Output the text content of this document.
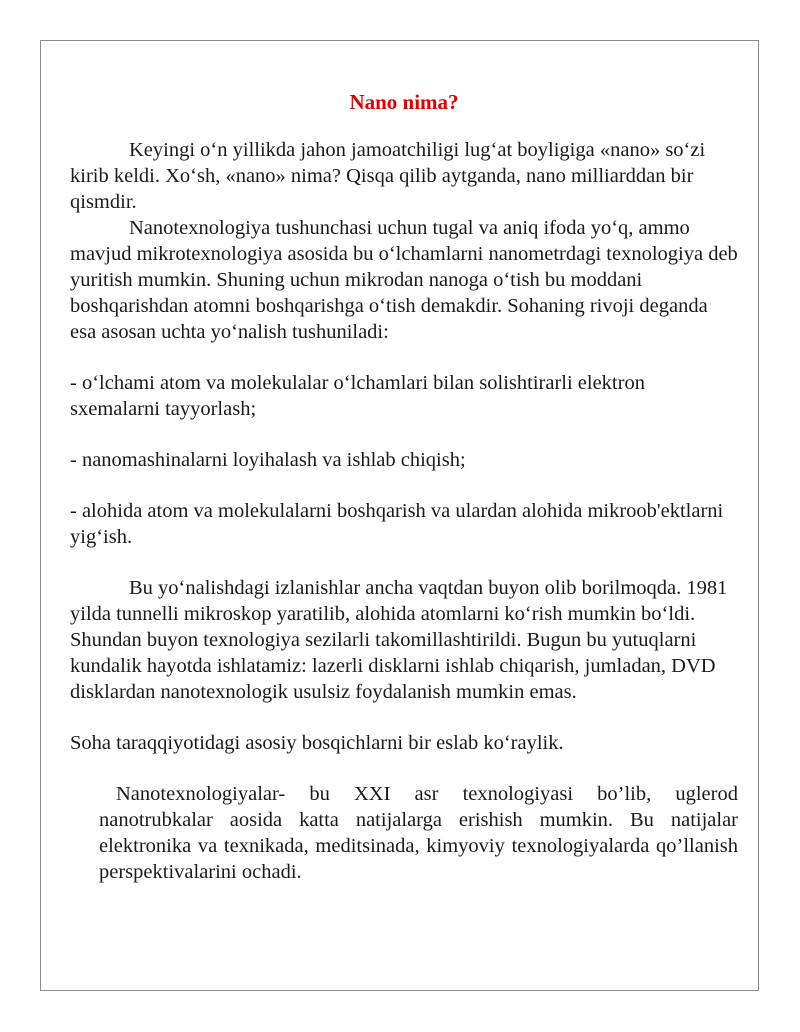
Nano nima?

Keyingi o‘n yillikda jahon jamoatchiligi lug‘at boyligiga «nano» so‘zi kirib keldi. Xo‘sh, «nano» nima? Qisqa qilib aytganda, nano milliarddan bir qismdir.

Nanotexnologiya tushunchasi uchun tugal va aniq ifoda yo‘q, ammo mavjud mikrotexnologiya asosida bu o‘lchamlarni nanometrdagi texnologiya deb yuritish mumkin. Shuning uchun mikrodan nanoga o‘tish bu moddani boshqarishdan atomni boshqarishga o‘tish demakdir. Sohaning rivoji deganda esa asosan uchta yo‘nalish tushuniladi:

- o‘lchami atom va molekulalar o‘lchamlari bilan solishtirarli elektron sxemalarni tayyorlash;

- nanomashinalarni loyihalash va ishlab chiqish;

- alohida atom va molekulalarni boshqarish va ulardan alohida mikroob'ektlarni yig‘ish.

Bu yo‘nalishdagi izlanishlar ancha vaqtdan buyon olib borilmoqda. 1981 yilda tunnelli mikroskop yaratilib, alohida atomlarni ko‘rish mumkin bo‘ldi. Shundan buyon texnologiya sezilarli takomillashtirildi. Bugun bu yutuqlarni kundalik hayotda ishlatamiz: lazerli disklarni ishlab chiqarish, jumladan, DVD disklardan nanotexnologik usulsiz foydalanish mumkin emas.

Soha taraqqiyotidagi asosiy bosqichlarni bir eslab ko‘raylik.

Nanotexnologiyalar- bu XXI asr texnologiyasi bo’lib, uglerod nanotrubkalar aosida katta natijalarga erishish mumkin. Bu natijalar elektronika va texnikada, meditsinada, kimyoviy texnologiyalarda qo’llanish perspektivalarini ochadi.
